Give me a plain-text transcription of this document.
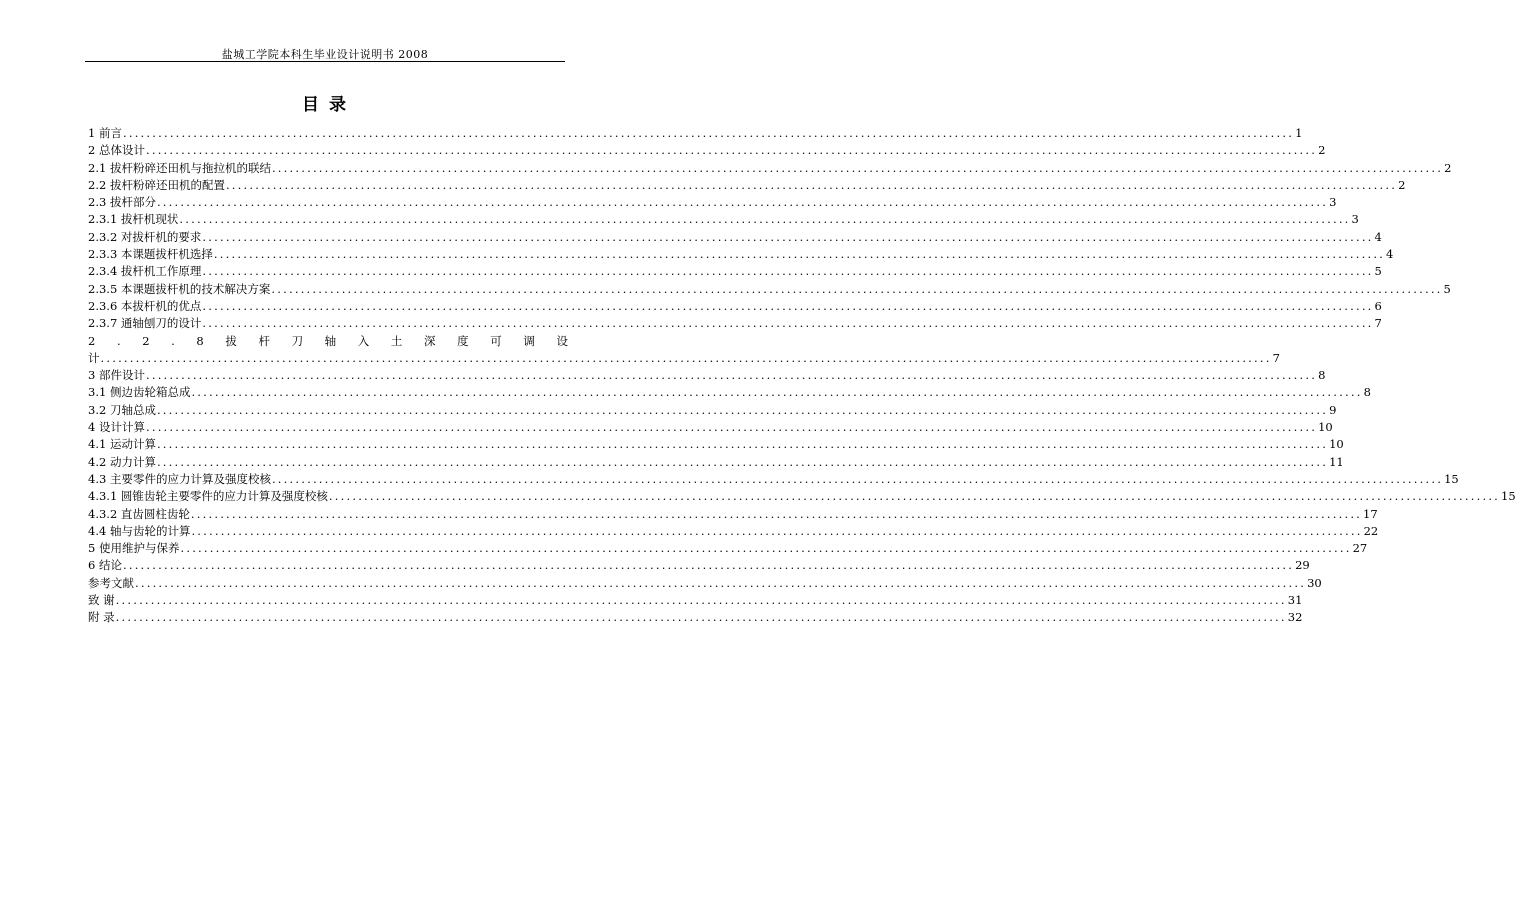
盐城工学院本科生毕业设计说明书 2008
目 录
1 前言 ........................................................................................................................................................................................................ 1
2 总体设计 ........................................................................................................................................................................................................ 2
2.1 拔杆粉碎还田机与拖拉机的联结 ........................................................................................................................................................................................................ 2
2.2 拔杆粉碎还田机的配置 ........................................................................................................................................................................................................ 2
2.3 拔杆部分 ........................................................................................................................................................................................................ 3
2.3.1 拔杆机现状 ........................................................................................................................................................................................................ 3
2.3.2 对拔杆机的要求 ........................................................................................................................................................................................................ 4
2.3.3 本课题拔杆机选择 ........................................................................................................................................................................................................ 4
2.3.4 拔杆机工作原理 ........................................................................................................................................................................................................ 5
2.3.5 本课题拔杆机的技术解决方案 ........................................................................................................................................................................................................ 5
2.3.6 本拔杆机的优点 ........................................................................................................................................................................................................ 6
2.3.7 通轴刨刀的设计 ........................................................................................................................................................................................................ 7
2 . 2 . 8 拔 杆 刀 轴 入 土 深 度 可 调 设
计 ........................................................................................................................................................................................................ 7
3 部件设计 ........................................................................................................................................................................................................ 8
3.1 侧边齿轮箱总成 ........................................................................................................................................................................................................ 8
3.2 刀轴总成 ........................................................................................................................................................................................................ 9
4 设计计算 ........................................................................................................................................................................................................ 10
4.1 运动计算 ........................................................................................................................................................................................................ 10
4.2 动力计算 ........................................................................................................................................................................................................ 11
4.3 主要零件的应力计算及强度校核 ........................................................................................................................................................................................................ 15
4.3.1 圆锥齿轮主要零件的应力计算及强度校核 ........................................................................................................................................................................................................ 15
4.3.2 直齿圆柱齿轮 ........................................................................................................................................................................................................ 17
4.4 轴与齿轮的计算 ........................................................................................................................................................................................................ 22
5 使用维护与保养 ........................................................................................................................................................................................................ 27
6 结论 ........................................................................................................................................................................................................ 29
参考文献 ........................................................................................................................................................................................................ 30
致 谢 ........................................................................................................................................................................................................ 31
附 录 ........................................................................................................................................................................................................ 32
